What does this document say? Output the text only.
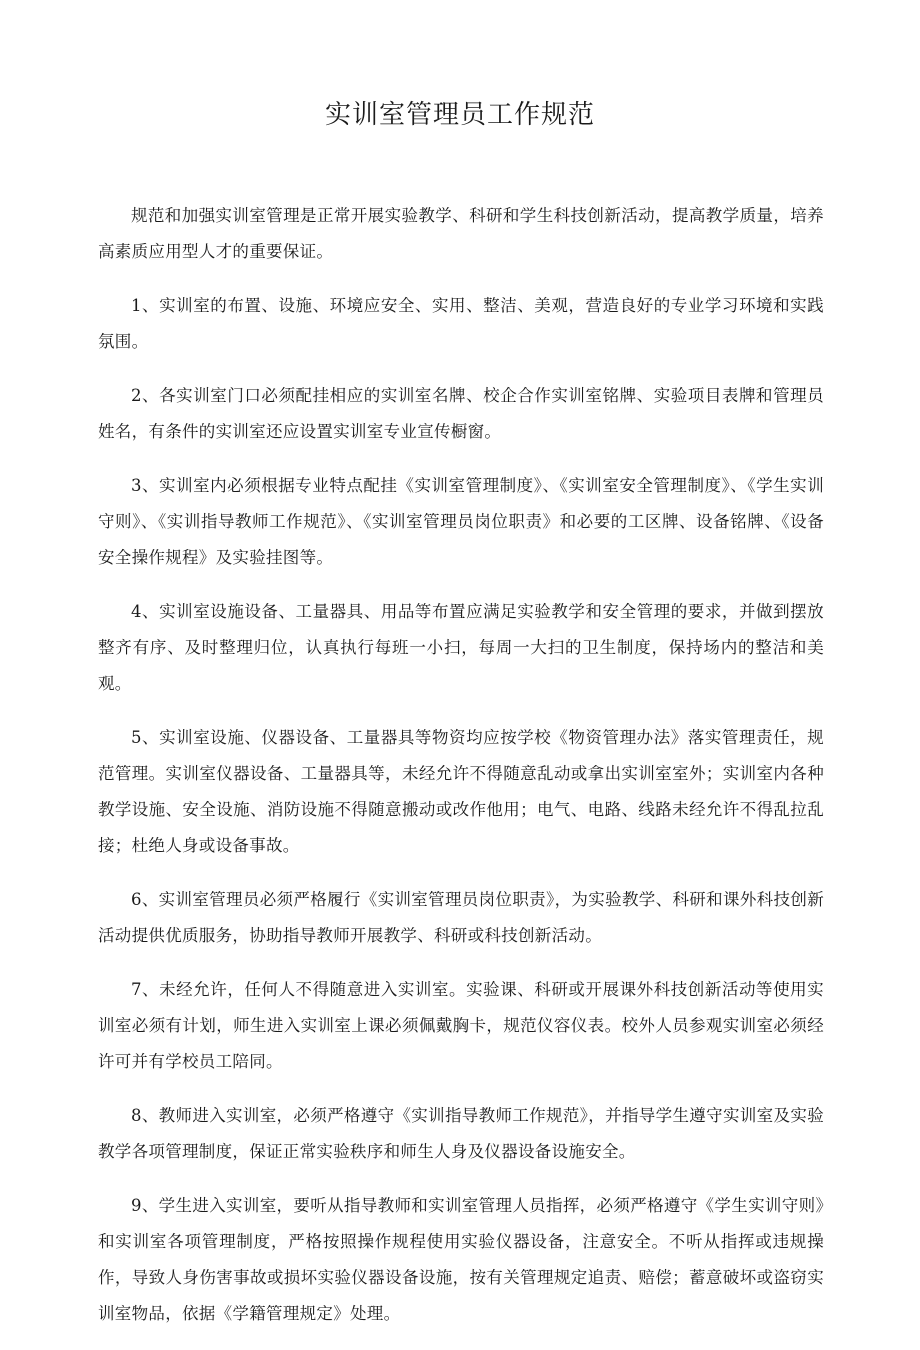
实训室管理员工作规范

规范和加强实训室管理是正常开展实验教学、科研和学生科技创新活动，提高教学质量，培养高素质应用型人才的重要保证。

1、实训室的布置、设施、环境应安全、实用、整洁、美观，营造良好的专业学习环境和实践氛围。

2、各实训室门口必须配挂相应的实训室名牌、校企合作实训室铭牌、实验项目表牌和管理员姓名，有条件的实训室还应设置实训室专业宣传橱窗。

3、实训室内必须根据专业特点配挂《实训室管理制度》、《实训室安全管理制度》、《学生实训守则》、《实训指导教师工作规范》、《实训室管理员岗位职责》和必要的工区牌、设备铭牌、《设备安全操作规程》及实验挂图等。

4、实训室设施设备、工量器具、用品等布置应满足实验教学和安全管理的要求，并做到摆放整齐有序、及时整理归位，认真执行每班一小扫，每周一大扫的卫生制度，保持场内的整洁和美观。

5、实训室设施、仪器设备、工量器具等物资均应按学校《物资管理办法》落实管理责任，规范管理。实训室仪器设备、工量器具等，未经允许不得随意乱动或拿出实训室室外；实训室内各种教学设施、安全设施、消防设施不得随意搬动或改作他用；电气、电路、线路未经允许不得乱拉乱接；杜绝人身或设备事故。

6、实训室管理员必须严格履行《实训室管理员岗位职责》，为实验教学、科研和课外科技创新活动提供优质服务，协助指导教师开展教学、科研或科技创新活动。

7、未经允许，任何人不得随意进入实训室。实验课、科研或开展课外科技创新活动等使用实训室必须有计划，师生进入实训室上课必须佩戴胸卡，规范仪容仪表。校外人员参观实训室必须经许可并有学校员工陪同。

8、教师进入实训室，必须严格遵守《实训指导教师工作规范》，并指导学生遵守实训室及实验教学各项管理制度，保证正常实验秩序和师生人身及仪器设备设施安全。

9、学生进入实训室，要听从指导教师和实训室管理人员指挥，必须严格遵守《学生实训守则》和实训室各项管理制度，严格按照操作规程使用实验仪器设备，注意安全。不听从指挥或违规操作，导致人身伤害事故或损坏实验仪器设备设施，按有关管理规定追责、赔偿；蓄意破坏或盗窃实训室物品，依据《学籍管理规定》处理。
